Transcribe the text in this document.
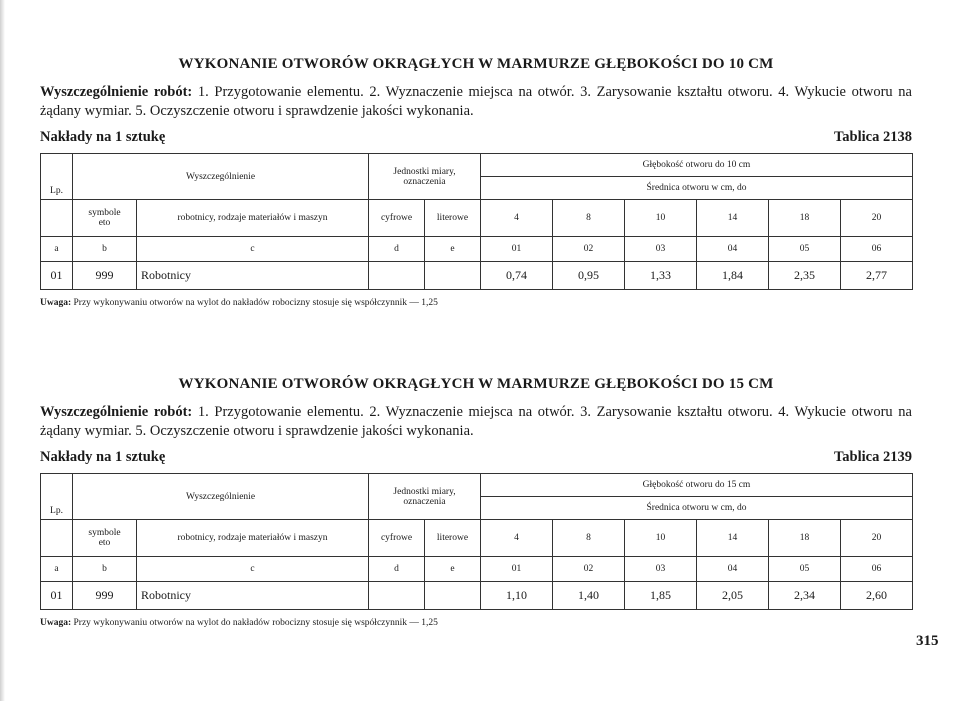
WYKONANIE OTWORÓW OKRĄGŁYCH W MARMURZE GŁĘBOKOŚCI DO 10 CM

Wyszczególnienie robót: 1. Przygotowanie elementu. 2. Wyznaczenie miejsca na otwór. 3. Zarysowanie kształtu otworu. 4. Wykucie otworu na żądany wymiar. 5. Oczyszczenie otworu i sprawdzenie jakości wykonania.
Nakłady na 1 sztukę	Tablica 2138
Lp.	Wyszczególnienie		Jednostki miary, oznaczenia		Głębokość otworu do 10 cm					
					Średnica otworu w cm, do					
	symbole eto	robotnicy, rodzaje materiałów i maszyn	cyfrowe	literowe	4	8	10	14	18	20
a	b	c	d	e	01	02	03	04	05	06
01	999	Robotnicy			0,74	0,95	1,33	1,84	2,35	2,77
Uwaga: Przy wykonywaniu otworów na wylot do nakładów robocizny stosuje się współczynnik — 1,25

WYKONANIE OTWORÓW OKRĄGŁYCH W MARMURZE GŁĘBOKOŚCI DO 15 CM

Wyszczególnienie robót: 1. Przygotowanie elementu. 2. Wyznaczenie miejsca na otwór. 3. Zarysowanie kształtu otworu. 4. Wykucie otworu na żądany wymiar. 5. Oczyszczenie otworu i sprawdzenie jakości wykonania.
Nakłady na 1 sztukę	Tablica 2139
Lp.	Wyszczególnienie		Jednostki miary, oznaczenia		Głębokość otworu do 15 cm					
					Średnica otworu w cm, do					
	symbole eto	robotnicy, rodzaje materiałów i maszyn	cyfrowe	literowe	4	8	10	14	18	20
a	b	c	d	e	01	02	03	04	05	06
01	999	Robotnicy			1,10	1,40	1,85	2,05	2,34	2,60
Uwaga: Przy wykonywaniu otworów na wylot do nakładów robocizny stosuje się współczynnik — 1,25
315
